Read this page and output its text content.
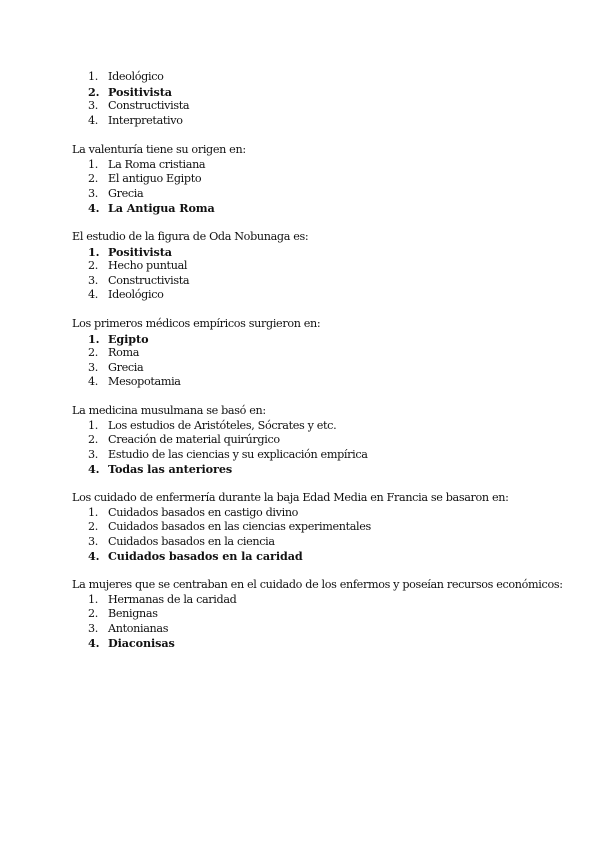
1. Ideológico
2. Positivista
3. Constructivista
4. Interpretativo
La valenturía tiene su origen en:
1. La Roma cristiana
2. El antiguo Egipto
3. Grecia
4. La Antigua Roma
El estudio de la figura de Oda Nobunaga es:
1. Positivista
2. Hecho puntual
3. Constructivista
4. Ideológico
Los primeros médicos empíricos surgieron en:
1. Egipto
2. Roma
3. Grecia
4. Mesopotamia
La medicina musulmana se basó en:
1. Los estudios de Aristóteles, Sócrates y etc.
2. Creación de material quirúrgico
3. Estudio de las ciencias y su explicación empírica
4. Todas las anteriores
Los cuidado de enfermería durante la baja Edad Media en Francia se basaron en:
1. Cuidados basados en castigo divino
2. Cuidados basados en las ciencias experimentales
3. Cuidados basados en la ciencia
4. Cuidados basados en la caridad
La mujeres que se centraban en el cuidado de los enfermos y poseían recursos económicos:
1. Hermanas de la caridad
2. Benignas
3. Antonianas
4. Diaconisas
